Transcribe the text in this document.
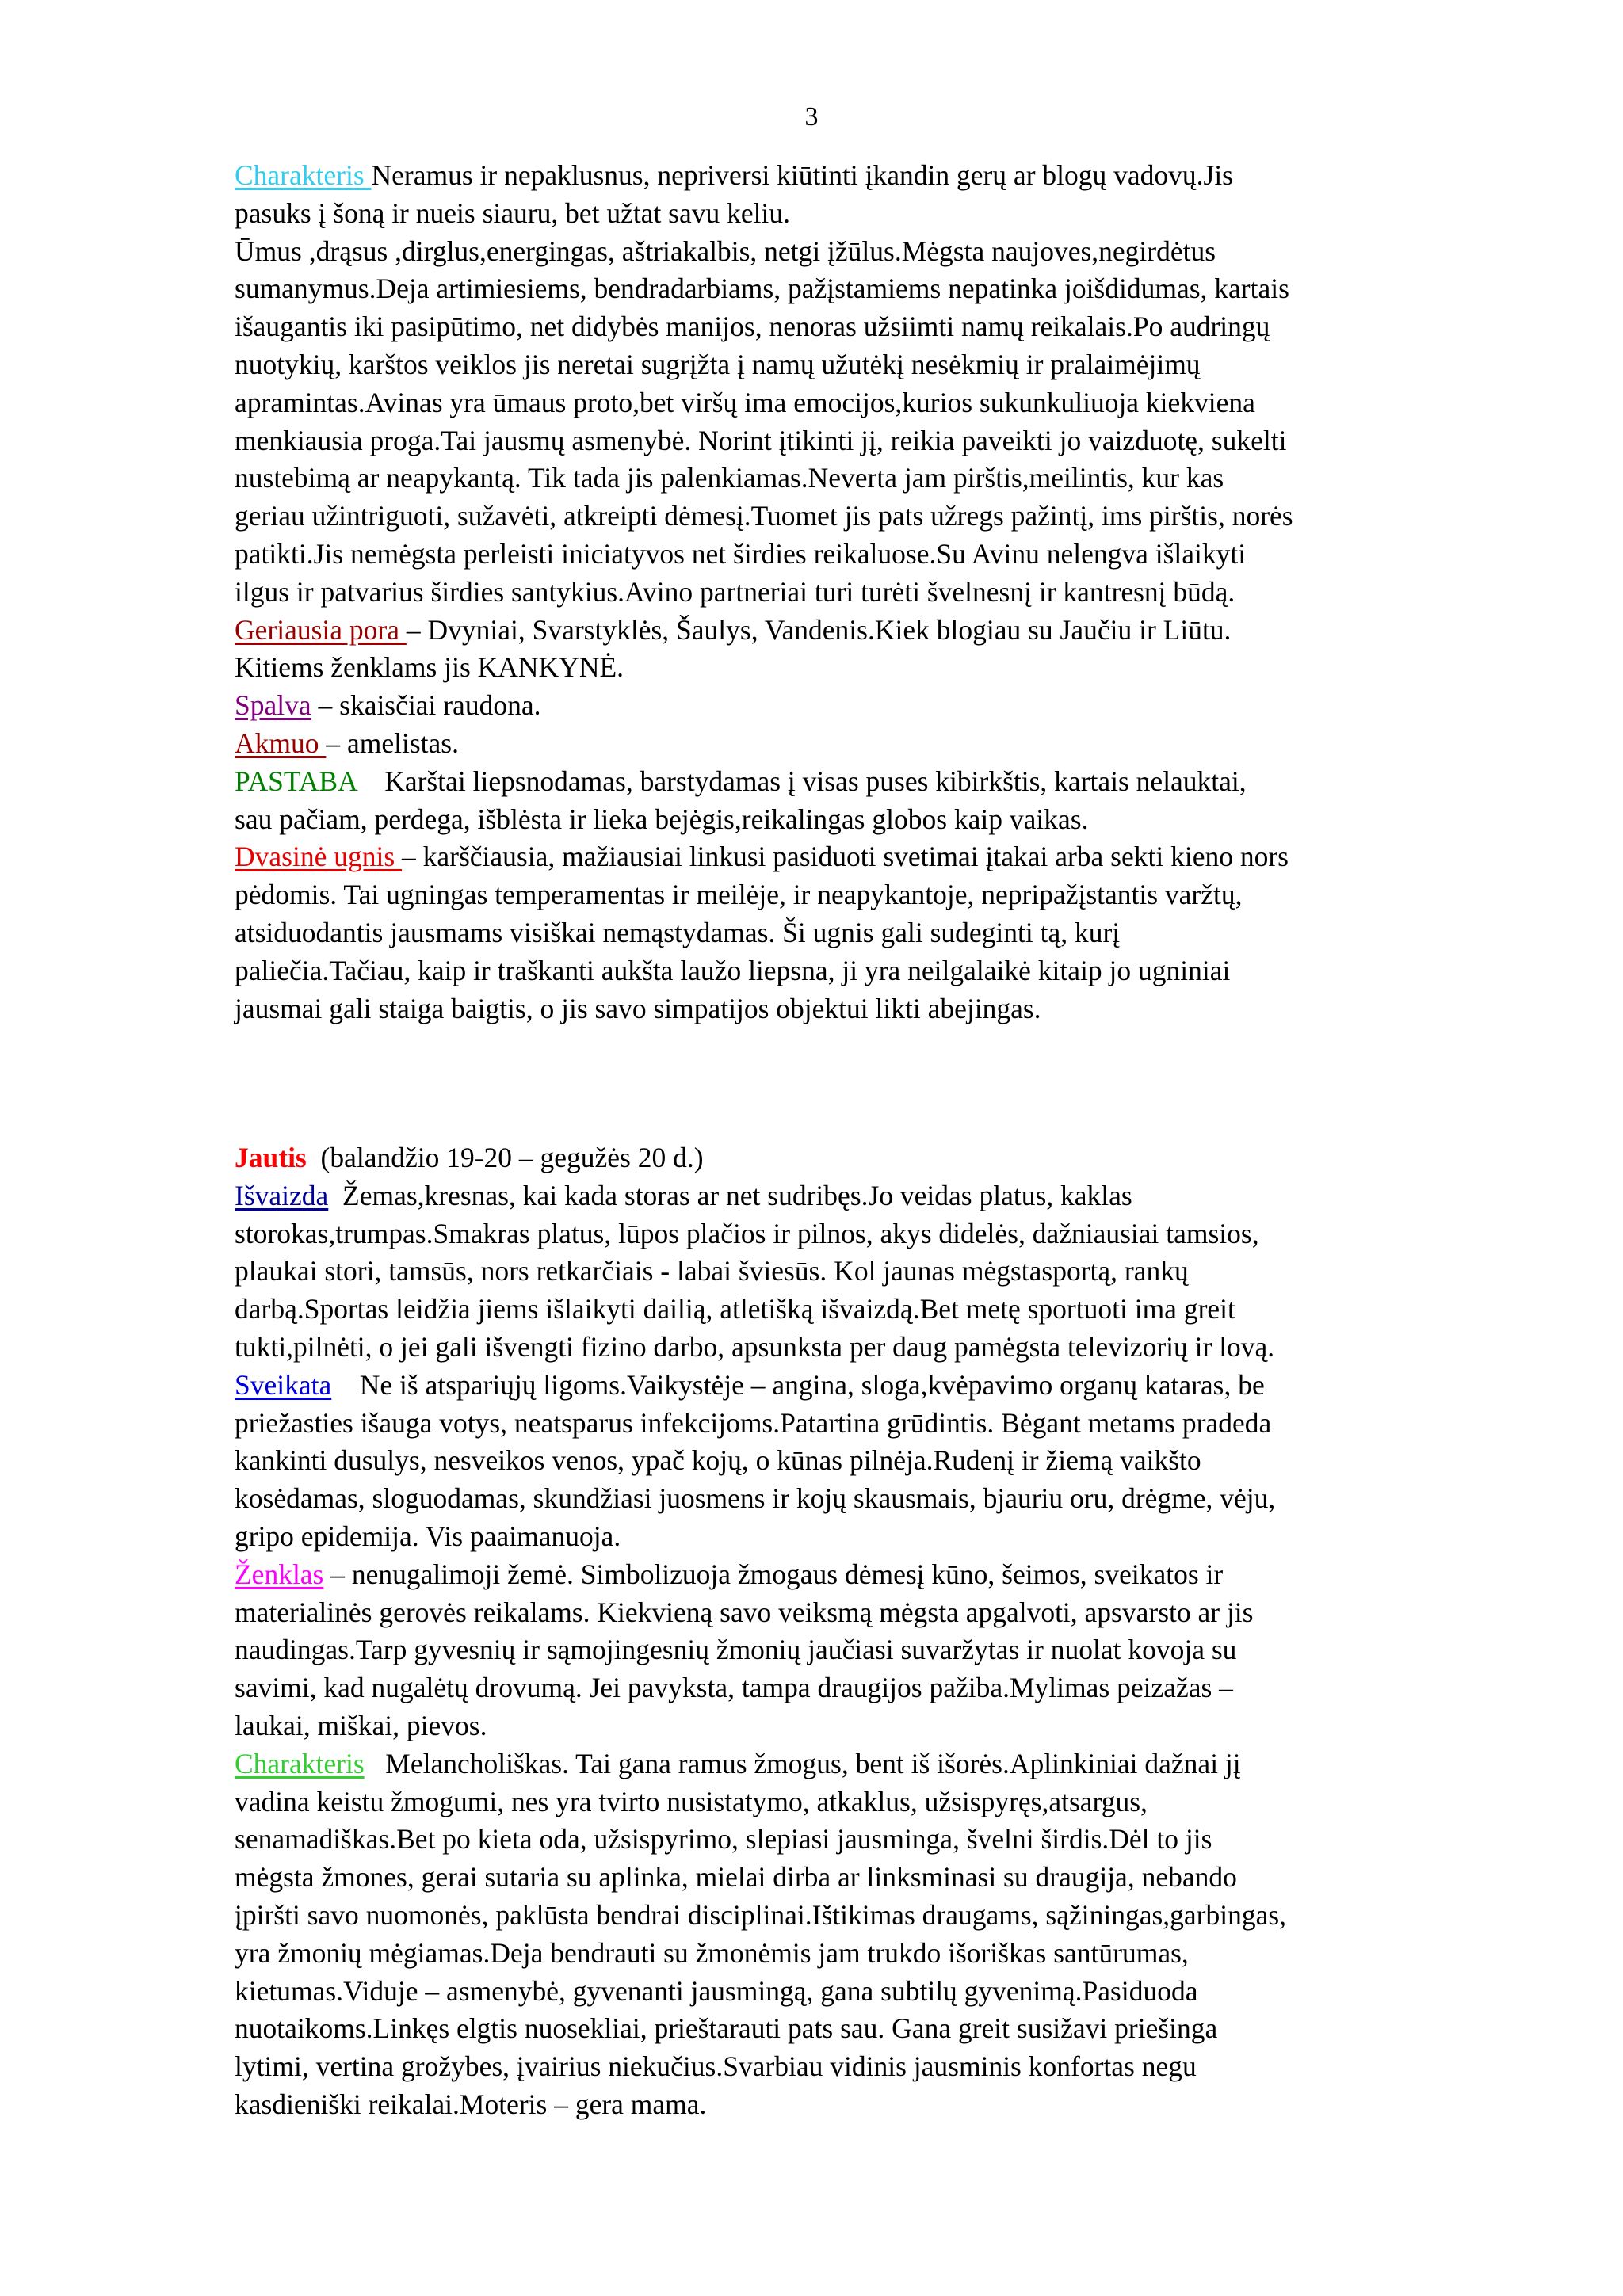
3

Charakteris Neramus ir nepaklusnus, nepriversi kiūtinti įkandin gerų ar blogų vadovų.Jis

pasuks į šoną ir nueis siauru, bet užtat savu keliu.

Ūmus ,drąsus ,dirglus,energingas, aštriakalbis, netgi įžūlus.Mėgsta naujoves,negirdėtus

sumanymus.Deja artimiesiems, bendradarbiams, pažįstamiems nepatinka joišdidumas, kartais

išaugantis iki pasipūtimo, net didybės manijos, nenoras užsiimti namų reikalais.Po audringų

nuotykių, karštos veiklos jis neretai sugrįžta į namų užutėkį nesėkmių ir pralaimėjimų

apramintas.Avinas yra ūmaus proto,bet viršų ima emocijos,kurios sukunkuliuoja kiekviena

menkiausia proga.Tai jausmų asmenybė. Norint įtikinti jį, reikia paveikti jo vaizduotę, sukelti

nustebimą ar neapykantą. Tik tada jis palenkiamas.Neverta jam pirštis,meilintis, kur kas

geriau užintriguoti, sužavėti, atkreipti dėmesį.Tuomet jis pats užregs pažintį, ims pirštis, norės

patikti.Jis nemėgsta perleisti iniciatyvos net širdies reikaluose.Su Avinu nelengva išlaikyti

ilgus ir patvarius širdies santykius.Avino partneriai turi turėti švelnesnį ir kantresnį būdą.

Geriausia pora – Dvyniai, Svarstyklės, Šaulys, Vandenis.Kiek blogiau su Jaučiu ir Liūtu.

Kitiems ženklams jis KANKYNĖ.

Spalva – skaisčiai raudona.

Akmuo – amelistas.

PASTABA    Karštai liepsnodamas, barstydamas į visas puses kibirkštis, kartais nelauktai,

sau pačiam, perdega, išblėsta ir lieka bejėgis,reikalingas globos kaip vaikas.

Dvasinė ugnis – karščiausia, mažiausiai linkusi pasiduoti svetimai įtakai arba sekti kieno nors

pėdomis. Tai ugningas temperamentas ir meilėje, ir neapykantoje, nepripažįstantis varžtų,

atsiduodantis jausmams visiškai nemąstydamas. Ši ugnis gali sudeginti tą, kurį

paliečia.Tačiau, kaip ir traškanti aukšta laužo liepsna, ji yra neilgalaikė kitaip jo ugniniai

jausmai gali staiga baigtis, o jis savo simpatijos objektui likti abejingas.

Jautis  (balandžio 19-20 – gegužės 20 d.)

Išvaizda  Žemas,kresnas, kai kada storas ar net sudribęs.Jo veidas platus, kaklas

storokas,trumpas.Smakras platus, lūpos plačios ir pilnos, akys didelės, dažniausiai tamsios,

plaukai stori, tamsūs, nors retkarčiais - labai šviesūs. Kol jaunas mėgstasportą, rankų

darbą.Sportas leidžia jiems išlaikyti dailią, atletišką išvaizdą.Bet metę sportuoti ima greit

tukti,pilnėti, o jei gali išvengti fizino darbo, apsunksta per daug pamėgsta televizorių ir lovą.

Sveikata    Ne iš atspariųjų ligoms.Vaikystėje – angina, sloga,kvėpavimo organų kataras, be

priežasties išauga votys, neatsparus infekcijoms.Patartina grūdintis. Bėgant metams pradeda

kankinti dusulys, nesveikos venos, ypač kojų, o kūnas pilnėja.Rudenį ir žiemą vaikšto

kosėdamas, sloguodamas, skundžiasi juosmens ir kojų skausmais, bjauriu oru, drėgme, vėju,

gripo epidemija. Vis paaimanuoja.

Ženklas – nenugalimoji žemė. Simbolizuoja žmogaus dėmesį kūno, šeimos, sveikatos ir

materialinės gerovės reikalams. Kiekvieną savo veiksmą mėgsta apgalvoti, apsvarsto ar jis

naudingas.Tarp gyvesnių ir sąmojingesnių žmonių jaučiasi suvaržytas ir nuolat kovoja su

savimi, kad nugalėtų drovumą. Jei pavyksta, tampa draugijos pažiba.Mylimas peizažas –

laukai, miškai, pievos.

Charakteris   Melancholiškas. Tai gana ramus žmogus, bent iš išorės.Aplinkiniai dažnai jį

vadina keistu žmogumi, nes yra tvirto nusistatymo, atkaklus, užsispyręs,atsargus,

senamadiškas.Bet po kieta oda, užsispyrimo, slepiasi jausminga, švelni širdis.Dėl to jis

mėgsta žmones, gerai sutaria su aplinka, mielai dirba ar linksminasi su draugija, nebando

įpiršti savo nuomonės, paklūsta bendrai disciplinai.Ištikimas draugams, sąžiningas,garbingas,

yra žmonių mėgiamas.Deja bendrauti su žmonėmis jam trukdo išoriškas santūrumas,

kietumas.Viduje – asmenybė, gyvenanti jausmingą, gana subtilų gyvenimą.Pasiduoda

nuotaikoms.Linkęs elgtis nuosekliai, prieštarauti pats sau. Gana greit susižavi priešinga

lytimi, vertina grožybes, įvairius niekučius.Svarbiau vidinis jausminis konfortas negu

kasdieniški reikalai.Moteris – gera mama.
